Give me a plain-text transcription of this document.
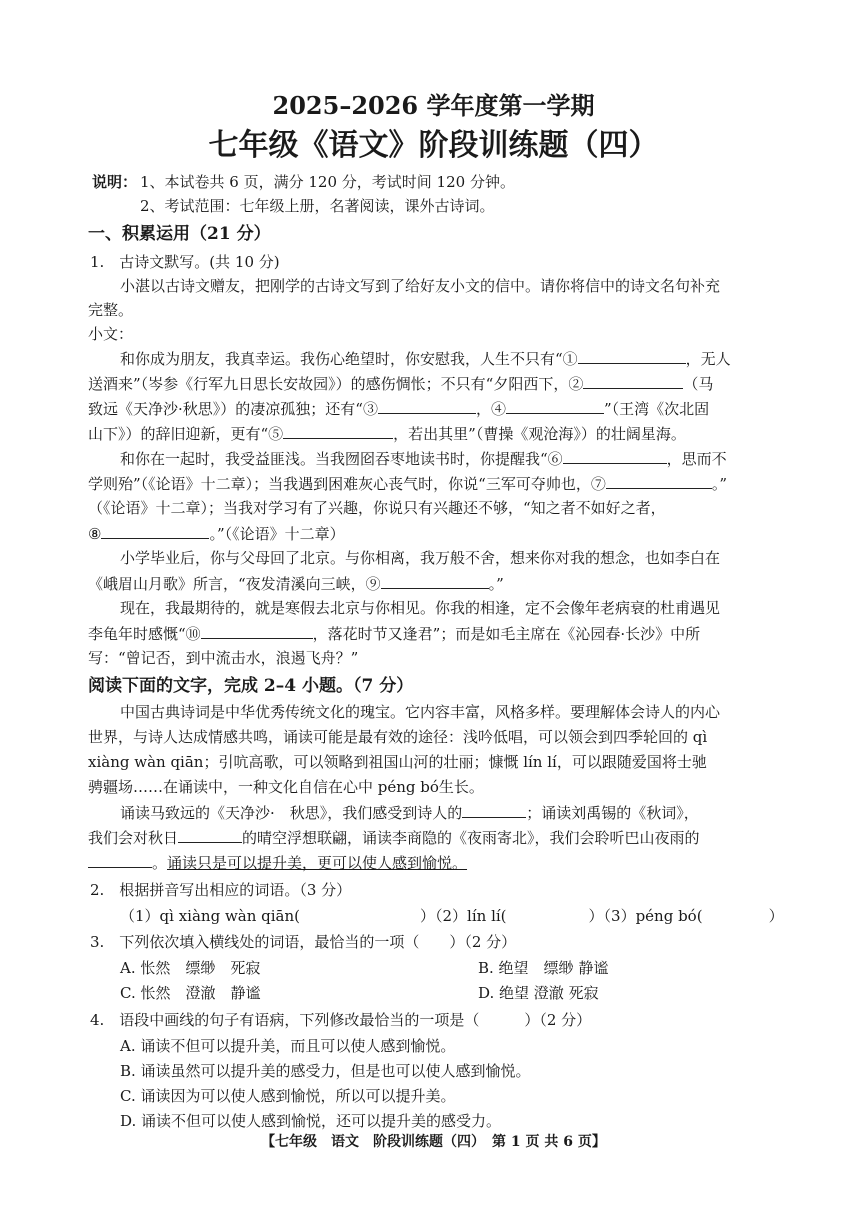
2025–2026 学年度第一学期
七年级《语文》阶段训练题（四）
说明： 1、本试卷共 6 页，满分 120 分，考试时间 120 分钟。
2、考试范围：七年级上册，名著阅读，课外古诗词。
一、积累运用（21 分）
1.　古诗文默写。(共 10 分)
小湛以古诗文赠友，把刚学的古诗文写到了给好友小文的信中。请你将信中的诗文名句补充
完整。
小文：
和你成为朋友，我真幸运。我伤心绝望时，你安慰我，人生不只有“①	，无人
送酒来”（岑参《行军九日思长安故园》）的感伤惆怅；不只有“夕阳西下，②	（马
致远《天净沙·秋思》）的凄凉孤独；还有“③	，④	”（王湾《次北固
山下》）的辞旧迎新，更有“⑤	，若出其里”（曹操《观沧海》）的壮阔星海。
和你在一起时，我受益匪浅。当我囫囵吞枣地读书时，你提醒我“⑥	，思而不
学则殆”（《论语》十二章）；当我遇到困难灰心丧气时，你说“三军可夺帅也，⑦	。”
（《论语》十二章）；当我对学习有了兴趣，你说只有兴趣还不够，“知之者不如好之者，
⑧	。”（《论语》十二章）
小学毕业后，你与父母回了北京。与你相离，我万般不舍，想来你对我的想念，也如李白在
《峨眉山月歌》所言，“夜发清溪向三峡，⑨	。”
现在，我最期待的，就是寒假去北京与你相见。你我的相逢，定不会像年老病衰的杜甫遇见
李龟年时感慨“⑩	，落花时节又逢君”；而是如毛主席在《沁园春·长沙》中所
写：“曾记否，到中流击水，浪遏飞舟？”
阅读下面的文字，完成 2–4 小题。（7 分）
中国古典诗词是中华优秀传统文化的瑰宝。它内容丰富，风格多样。要理解体会诗人的内心
世界，与诗人达成情感共鸣，诵读可能是最有效的途径：浅吟低唱，可以领会到四季轮回的 qì
xiàng wàn qiān；引吭高歌，可以领略到祖国山河的壮丽；慷慨 lín lí，可以跟随爱国将士驰
骋疆场……在诵读中，一种文化自信在心中 péng bó生长。
诵读马致远的《天净沙·　秋思》，我们感受到诗人的	；诵读刘禹锡的《秋词》，
我们会对秋日	的晴空浮想联翩，诵读李商隐的《夜雨寄北》，我们会聆听巴山夜雨的
。诵读只是可以提升美，更可以使人感到愉悦。
2.　根据拼音写出相应的词语。（3 分）
（1）qì xiàng wàn qiān(	）（2）lín lí(	）（3）péng bó(	）
3.　下列依次填入横线处的词语，最恰当的一项（　　）（2 分）
A. 怅然　缥缈　死寂	B. 绝望　缥缈 静谧
C. 怅然　澄澈　静谧	D. 绝望 澄澈 死寂
4.　语段中画线的句子有语病，下列修改最恰当的一项是（　　　）（2 分）
A. 诵读不但可以提升美，而且可以使人感到愉悦。
B. 诵读虽然可以提升美的感受力，但是也可以使人感到愉悦。
C. 诵读因为可以使人感到愉悦，所以可以提升美。
D. 诵读不但可以使人感到愉悦，还可以提升美的感受力。
【七年级　语文　阶段训练题（四）　第 1 页 共 6 页】
